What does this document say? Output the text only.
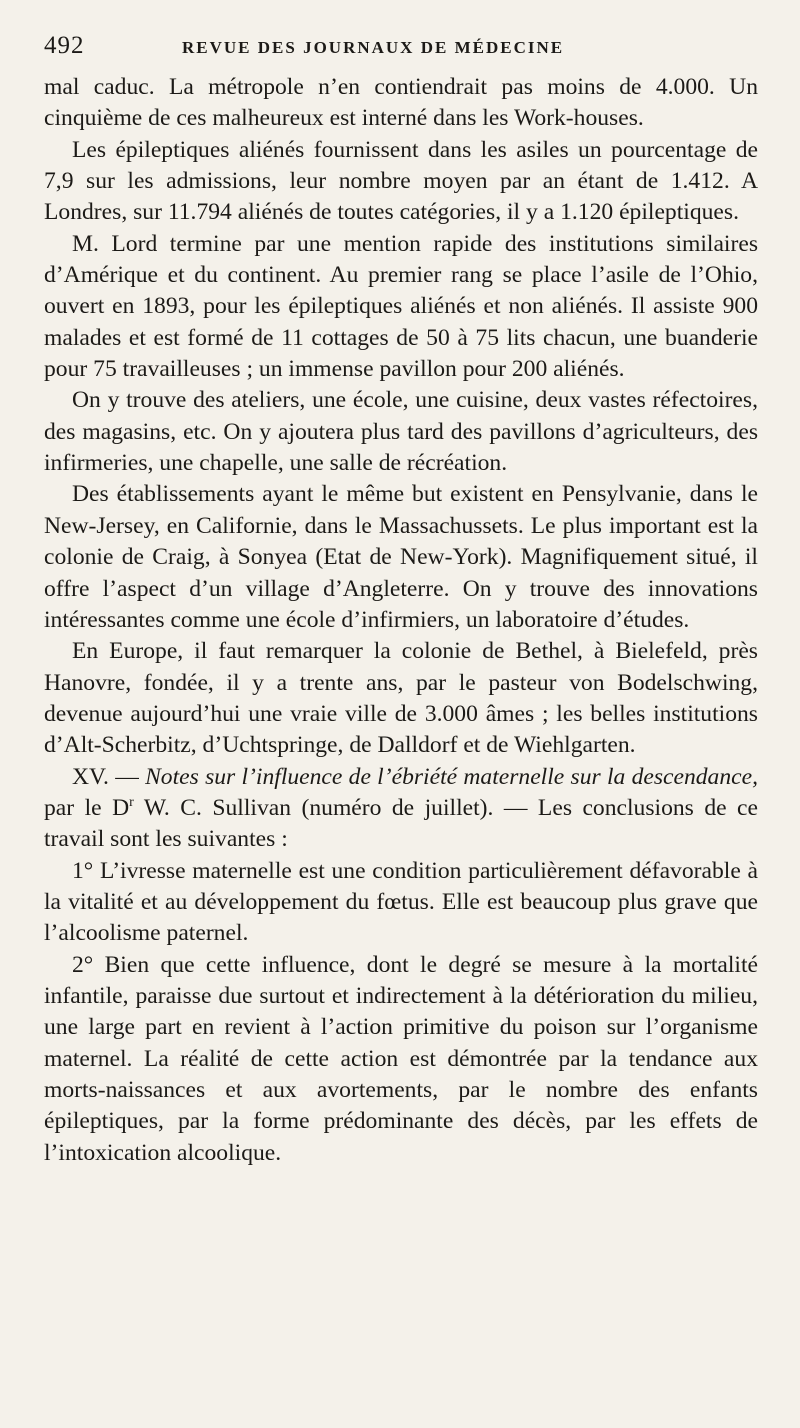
492	REVUE DES JOURNAUX DE MÉDECINE

mal caduc. La métropole n’en contiendrait pas moins de 4.000. Un cinquième de ces malheureux est interné dans les Work-houses.

Les épileptiques aliénés fournissent dans les asiles un pourcentage de 7,9 sur les admissions, leur nombre moyen par an étant de 1.412. A Londres, sur 11.794 aliénés de toutes catégories, il y a 1.120 épileptiques.

M. Lord termine par une mention rapide des institutions similaires d’Amérique et du continent. Au premier rang se place l’asile de l’Ohio, ouvert en 1893, pour les épileptiques aliénés et non aliénés. Il assiste 900 malades et est formé de 11 cottages de 50 à 75 lits chacun, une buanderie pour 75 travailleuses ; un immense pavillon pour 200 aliénés.

On y trouve des ateliers, une école, une cuisine, deux vastes réfectoires, des magasins, etc. On y ajoutera plus tard des pavillons d’agriculteurs, des infirmeries, une chapelle, une salle de récréation.

Des établissements ayant le même but existent en Pensylvanie, dans le New-Jersey, en Californie, dans le Massachussets. Le plus important est la colonie de Craig, à Sonyea (Etat de New-York). Magnifiquement situé, il offre l’aspect d’un village d’Angleterre. On y trouve des innovations intéressantes comme une école d’infirmiers, un laboratoire d’études.

En Europe, il faut remarquer la colonie de Bethel, à Bielefeld, près Hanovre, fondée, il y a trente ans, par le pasteur von Bodelschwing, devenue aujourd’hui une vraie ville de 3.000 âmes ; les belles institutions d’Alt-Scherbitz, d’Uchtspringe, de Dalldorf et de Wiehlgarten.

XV. — Notes sur l’influence de l’ébriété maternelle sur la descendance, par le $D^r$ W. C. Sullivan (numéro de juillet). — Les conclusions de ce travail sont les suivantes :

1° L’ivresse maternelle est une condition particulièrement défavorable à la vitalité et au développement du fœtus. Elle est beaucoup plus grave que l’alcoolisme paternel.

2° Bien que cette influence, dont le degré se mesure à la mortalité infantile, paraisse due surtout et indirectement à la détérioration du milieu, une large part en revient à l’action primitive du poison sur l’organisme maternel. La réalité de cette action est démontrée par la tendance aux morts-naissances et aux avortements, par le nombre des enfants épileptiques, par la forme prédominante des décès, par les effets de l’intoxication alcoolique.
